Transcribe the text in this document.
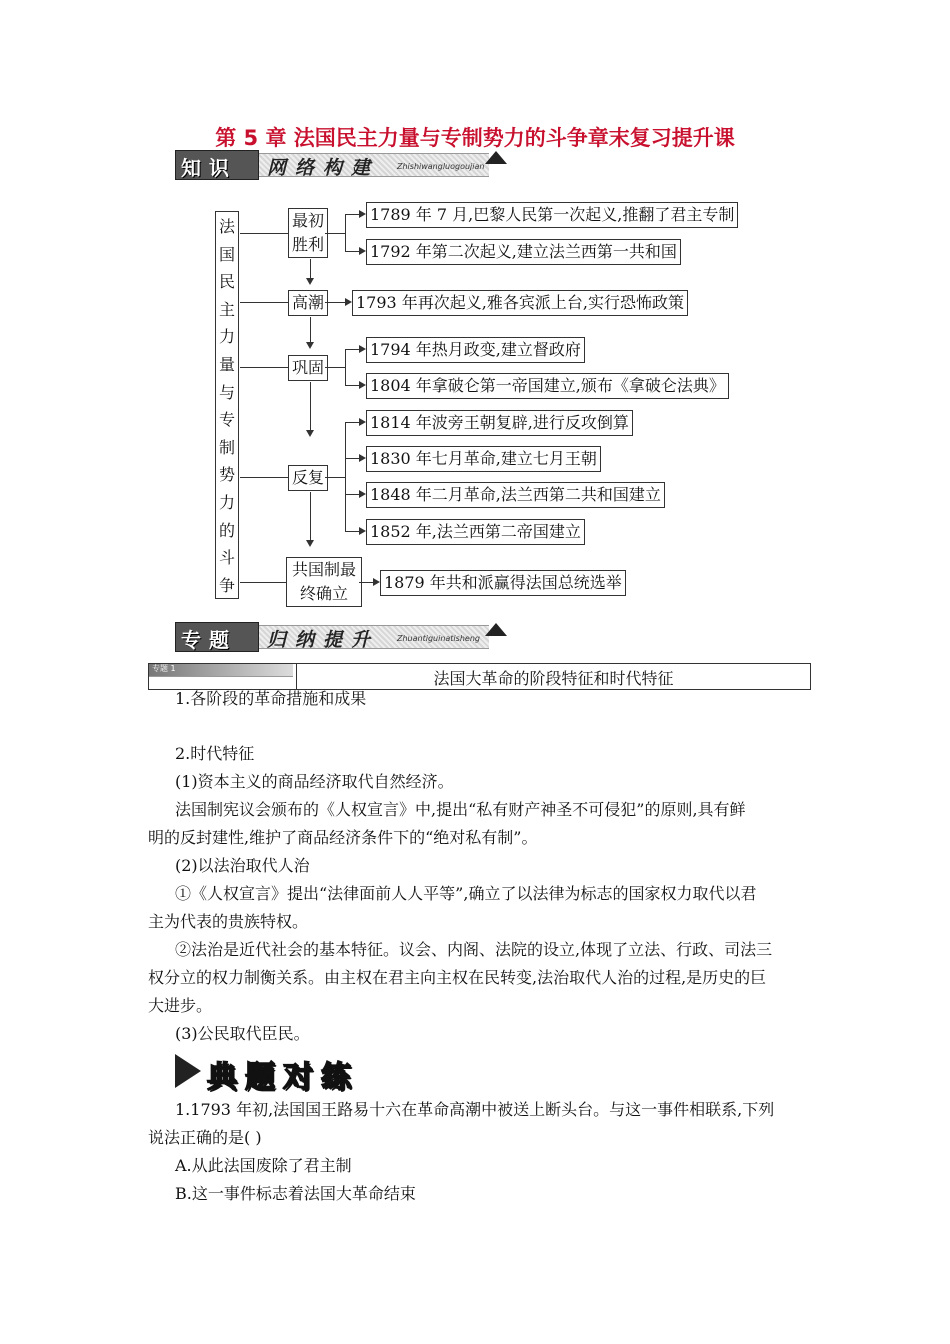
第 5 章 法国民主力量与专制势力的斗争章末复习提升课
知识 网络构建 Zhishiwangluogoujian
法
国
民
主
力
量
与
专
制
势
力
的
斗
争
最初胜利
高潮
巩固
反复
共国制最终确立
1789 年 7 月,巴黎人民第一次起义,推翻了君主专制
1792 年第二次起义,建立法兰西第一共和国
1793 年再次起义,雅各宾派上台,实行恐怖政策
1794 年热月政变,建立督政府
1804 年拿破仑第一帝国建立,颁布《拿破仑法典》
1814 年波旁王朝复辟,进行反攻倒算
1830 年七月革命,建立七月王朝
1848 年二月革命,法兰西第二共和国建立
1852 年,法兰西第二帝国建立
1879 年共和派赢得法国总统选举
专题 归纳提升 Zhuantiguinatisheng
专题 1
法国大革命的阶段特征和时代特征
1.各阶段的革命措施和成果
2.时代特征
(1)资本主义的商品经济取代自然经济。
法国制宪议会颁布的《人权宣言》中,提出“私有财产神圣不可侵犯”的原则,具有鲜
明的反封建性,维护了商品经济条件下的“绝对私有制”。
(2)以法治取代人治
①《人权宣言》提出“法律面前人人平等”,确立了以法律为标志的国家权力取代以君
主为代表的贵族特权。
②法治是近代社会的基本特征。议会、内阁、法院的设立,体现了立法、行政、司法三
权分立的权力制衡关系。由主权在君主向主权在民转变,法治取代人治的过程,是历史的巨
大进步。
(3)公民取代臣民。
典题对练
1.1793 年初,法国国王路易十六在革命高潮中被送上断头台。与这一事件相联系,下列
说法正确的是( )
A.从此法国废除了君主制
B.这一事件标志着法国大革命结束
